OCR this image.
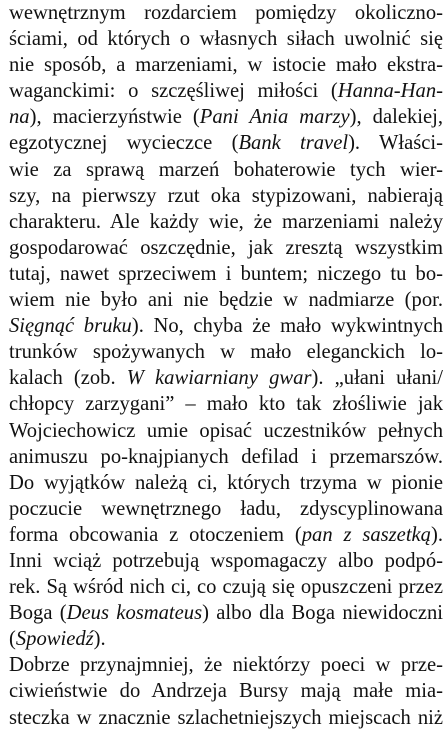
wewnętrznym rozdarciem pomiędzy okoliczno-
ściami, od których o własnych siłach uwolnić się
nie sposób, a marzeniami, w istocie mało ekstra-
waganckimi: o szczęśliwej miłości (Hanna-Han-
na), macierzyństwie (Pani Ania marzy), dalekiej,
egzotycznej wycieczce (Bank travel). Właści-
wie za sprawą marzeń bohaterowie tych wier-
szy, na pierwszy rzut oka stypizowani, nabierają
charakteru. Ale każdy wie, że marzeniami należy
gospodarować oszczędnie, jak zresztą wszystkim
tutaj, nawet sprzeciwem i buntem; niczego tu bo-
wiem nie było ani nie będzie w nadmiarze (por.
Sięgnąć bruku). No, chyba że mało wykwintnych
trunków spożywanych w mało eleganckich lo-
kalach (zob. W kawiarniany gwar). „ułani ułani/
chłopcy zarzygani” – mało kto tak złośliwie jak
Wojciechowicz umie opisać uczestników pełnych
animuszu po-knajpianych defilad i przemarszów.
Do wyjątków należą ci, których trzyma w pionie
poczucie wewnętrznego ładu, zdyscyplinowana
forma obcowania z otoczeniem (pan z saszetką).
Inni wciąż potrzebują wspomagaczy albo podpó-
rek. Są wśród nich ci, co czują się opuszczeni przez
Boga (Deus kosmateus) albo dla Boga niewidoczni
(Spowiedź).
Dobrze przynajmniej, że niektórzy poeci w prze-
ciwieństwie do Andrzeja Bursy mają małe mia-
steczka w znacznie szlachetniejszych miejscach niż
